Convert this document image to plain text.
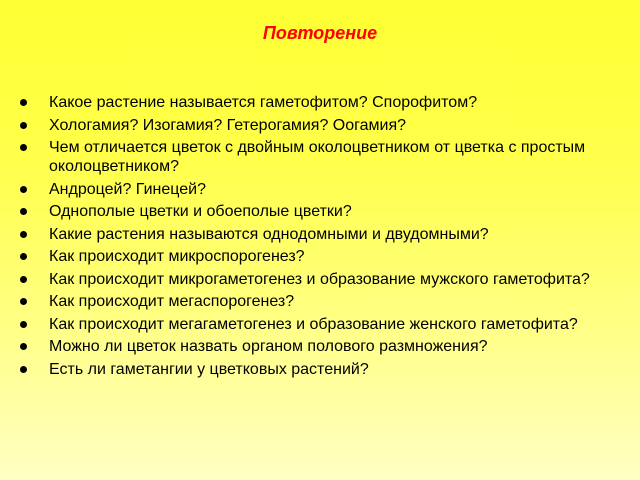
Повторение
Какое растение называется гаметофитом? Спорофитом?
Хологамия? Изогамия? Гетерогамия? Оогамия?
Чем отличается цветок с двойным околоцветником от цветка с простым околоцветником?
Андроцей? Гинецей?
Однополые цветки и обоеполые цветки?
Какие растения называются однодомными и двудомными?
Как происходит микроспорогенез?
Как происходит микрогаметогенез и образование мужского гаметофита?
Как происходит мегаспорогенез?
Как происходит мегагаметогенез и образование женского гаметофита?
Можно ли цветок назвать органом полового размножения?
Есть ли гаметангии у цветковых растений?
